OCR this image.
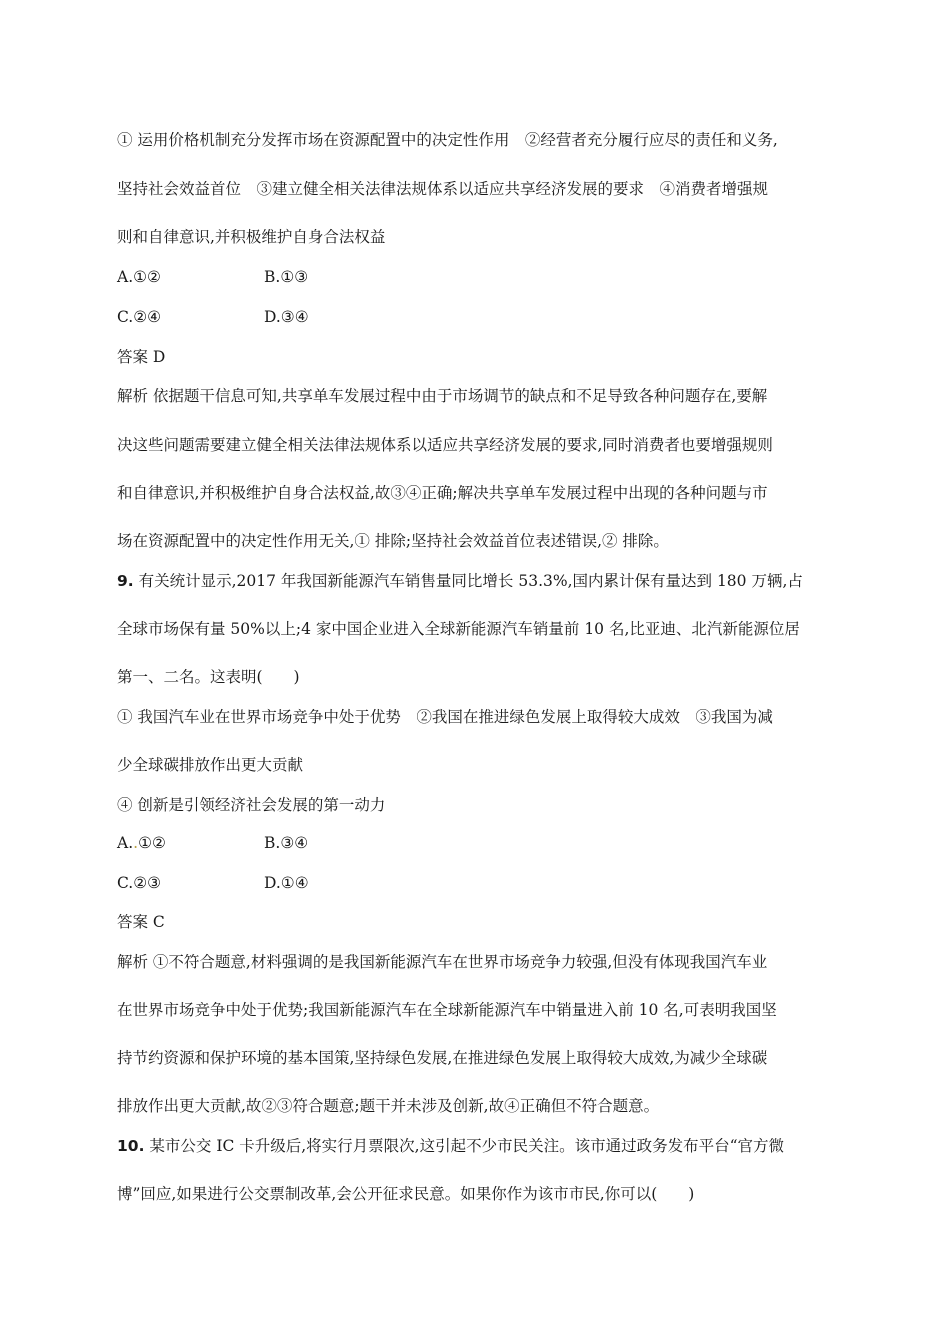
① 运用价格机制充分发挥市场在资源配置中的决定性作用　②经营者充分履行应尽的责任和义务,
坚持社会效益首位　③建立健全相关法律法规体系以适应共享经济发展的要求　④消费者增强规
则和自律意识,并积极维护自身合法权益
A.①②	B.①③
C.②④	D.③④
答案 D
解析 依据题干信息可知,共享单车发展过程中由于市场调节的缺点和不足导致各种问题存在,要解
决这些问题需要建立健全相关法律法规体系以适应共享经济发展的要求,同时消费者也要增强规则
和自律意识,并积极维护自身合法权益,故③④正确;解决共享单车发展过程中出现的各种问题与市
场在资源配置中的决定性作用无关,① 排除;坚持社会效益首位表述错误,② 排除。
9. 有关统计显示,2017 年我国新能源汽车销售量同比增长 53.3%,国内累计保有量达到 180 万辆,占
全球市场保有量 50%以上;4 家中国企业进入全球新能源汽车销量前 10 名,比亚迪、北汽新能源位居
第一、二名。这表明(　　)
① 我国汽车业在世界市场竞争中处于优势　②我国在推进绿色发展上取得较大成效　③我国为减
少全球碳排放作出更大贡献
④ 创新是引领经济社会发展的第一动力
A..①②	B.③④
C.②③	D.①④
答案 C
解析 ①不符合题意,材料强调的是我国新能源汽车在世界市场竞争力较强,但没有体现我国汽车业
在世界市场竞争中处于优势;我国新能源汽车在全球新能源汽车中销量进入前 10 名,可表明我国坚
持节约资源和保护环境的基本国策,坚持绿色发展,在推进绿色发展上取得较大成效,为减少全球碳
排放作出更大贡献,故②③符合题意;题干并未涉及创新,故④正确但不符合题意。
10. 某市公交 IC 卡升级后,将实行月票限次,这引起不少市民关注。该市通过政务发布平台“官方微
博”回应,如果进行公交票制改革,会公开征求民意。如果你作为该市市民,你可以(　　)
